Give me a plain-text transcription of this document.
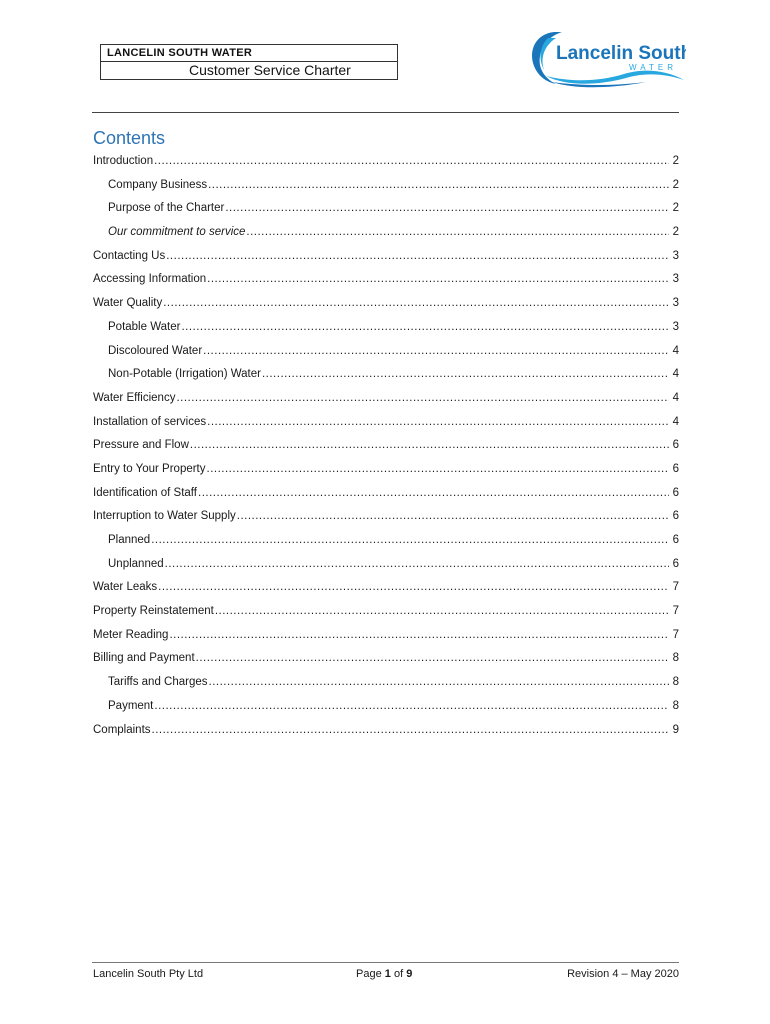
LANCELIN SOUTH WATER
Customer Service Charter
Lancelin South
WATER
Contents
Introduction .....	2
Company Business .....	2
Purpose of the Charter .....	2
Our commitment to service .....	2
Contacting Us .....	3
Accessing Information .....	3
Water Quality .....	3
Potable Water .....	3
Discoloured Water .....	4
Non-Potable (Irrigation) Water .....	4
Water Efficiency .....	4
Installation of services .....	4
Pressure and Flow .....	6
Entry to Your Property .....	6
Identification of Staff .....	6
Interruption to Water Supply .....	6
Planned .....	6
Unplanned .....	6
Water Leaks .....	7
Property Reinstatement .....	7
Meter Reading .....	7
Billing and Payment .....	8
Tariffs and Charges .....	8
Payment .....	8
Complaints .....	9
Lancelin South Pty Ltd	Page 1 of 9	Revision 4 – May 2020
